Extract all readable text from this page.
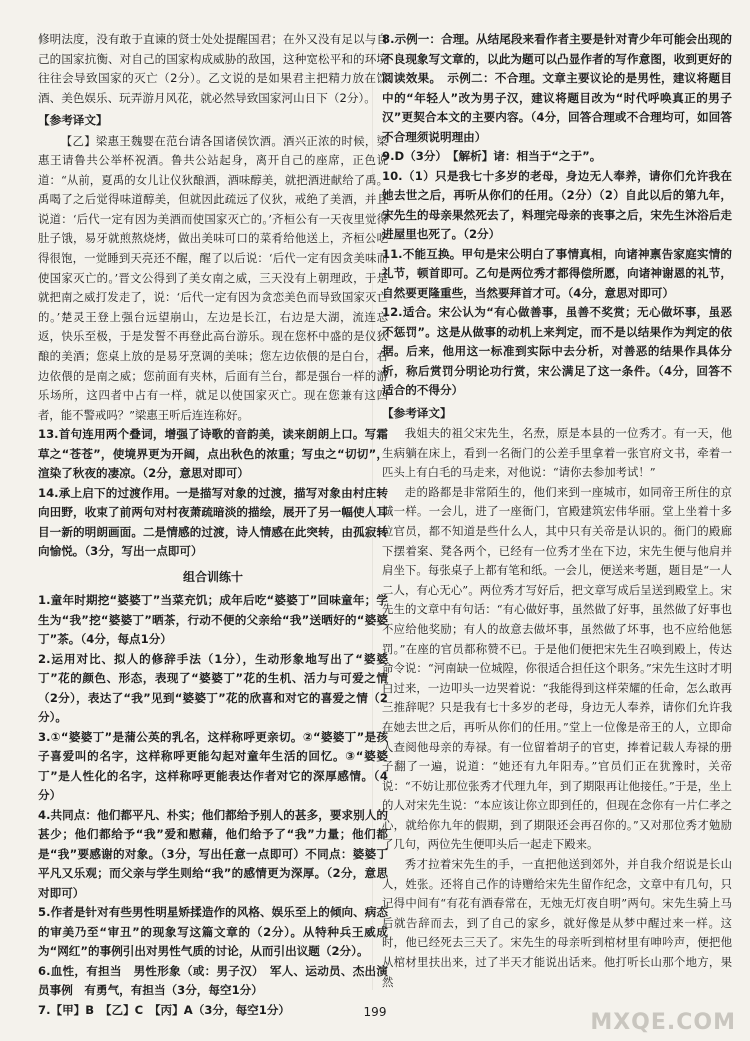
修明法度，没有敢于直谏的贤士处处提醒国君；在外又没有足以与自己的国家抗衡、对自己的国家构成威胁的敌国，这种宽松平和的环境往往会导致国家的灭亡（2分）。乙文说的是如果君主把精力放在饮酒、美色娱乐、玩弄游月风花，就必然导致国家河山日下（2分）。

【参考译文】

【乙】梁惠王魏婴在范台请各国诸侯饮酒。酒兴正浓的时候，梁惠王请鲁共公举杯祝酒。鲁共公站起身，离开自己的座席，正色说道：“从前，夏禹的女儿让仪狄酿酒，酒味醇美，就把酒进献给了禹。禹喝了之后觉得味道醇美，但就因此疏远了仪狄，戒绝了美酒，并且说道：‘后代一定有因为美酒而使国家灭亡的。’齐桓公有一天夜里觉得肚子饿，易牙就煎熬烧烤，做出美味可口的菜肴给他送上，齐桓公吃得很饱，一觉睡到天亮还不醒，醒了以后说：‘后代一定有因贪美味而使国家灭亡的。’晋文公得到了美女南之威，三天没有上朝理政，于是就把南之威打发走了，说：‘后代一定有因为贪恋美色而导致国家灭亡的。’楚灵王登上强台远望崩山，左边是长江，右边是大湖，流连忘返，快乐至极，于是发誓不再登此高台游乐。现在您杯中盛的是仪狄酿的美酒；您桌上放的是易牙烹调的美味；您左边依偎的是白台，右边依偎的是南之威；您前面有夹林，后面有兰台，都是强台一样的游乐场所，这四者中占有一样，就足以使国家灭亡。现在您兼有这四者，能不警戒吗？”梁惠王听后连连称好。

13.首句连用两个叠词，增强了诗歌的音韵美，读来朗朗上口。写霜草之“苍苍”，使境界更为开阔，点出秋色的浓重；写虫之“切切”，渲染了秋夜的凄凉。（2分，意思对即可）

14.承上启下的过渡作用。一是描写对象的过渡，描写对象由村庄转向田野，收束了前两句对村夜萧疏暗淡的描绘，展开了另一幅使人耳目一新的明朗画面。二是情感的过渡，诗人情感在此突转，由孤寂转向愉悦。（3分，写出一点即可）

组合训练十

1.童年时期挖“婆婆丁”当菜充饥；成年后吃“婆婆丁”回味童年；学生为“我”挖“婆婆丁”晒茶，行动不便的父亲给“我”送晒好的“婆婆丁”茶。（4分，每点1分）

2.运用对比、拟人的修辞手法（1分），生动形象地写出了“婆婆丁”花的颜色、形态，表现了“婆婆丁”花的生机、活力与可爱之情（2分），表达了“我”见到“婆婆丁”花的欣喜和对它的喜爱之情（2分）。

3.①“婆婆丁”是蒲公英的乳名，这样称呼更亲切。②“婆婆丁”是孩子喜爱叫的名字，这样称呼更能勾起对童年生活的回忆。③“婆婆丁”是人性化的名字，这样称呼更能表达作者对它的深厚感情。（4分）

4.共同点：他们都平凡、朴实；他们都给予别人的甚多，要求别人的甚少；他们都给予“我”爱和慰藉，他们给予了“我”力量；他们都是“我”要感谢的对象。（3分，写出任意一点即可）不同点：婆婆丁平凡又乐观；而父亲与学生则给“我”的感情更为深厚。（2分，意思对即可）

5.作者是针对有些男性明星矫揉造作的风格、娱乐至上的倾向、病态的审美乃至“审丑”的现象写这篇文章的（2分）。从特种兵王威成为“网红”的事例引出对男性气质的讨论，从而引出议题（2分）。

6.血性，有担当　男性形象（或：男子汉）　军人、运动员、杰出演员事例　有勇气，有担当（3分，每空1分）

7.【甲】B　【乙】C　【丙】A（3分，每空1分）

8.示例一：合理。从结尾段来看作者主要是针对青少年可能会出现的不良现象写文章的，以此为题可以凸显作者的写作意图，收到更好的阅读效果。　示例二：不合理。文章主要议论的是男性，建议将题目中的“年轻人”改为男子汉，建议将题目改为“时代呼唤真正的男子汉”更契合本文的主要内容。（4分，回答合理或不合理均可，如回答不合理须说明理由）

9.D（3分）　【解析】诸：相当于“之于”。

10.（1）只是我七十多岁的老母，身边无人奉养，请你们允许我在她去世之后，再听从你们的任用。（2分）（2）自此以后的第九年，宋先生的母亲果然死去了，料理完母亲的丧事之后，宋先生沐浴后走进屋里也死了。（2分）

11.不能互换。甲句是宋公明白了事情真相，向诸神禀告家庭实情的礼节，顿首即可。乙句是两位秀才都得偿所愿，向诸神谢恩的礼节，自然要更隆重些，当然要拜首才可。（4分，意思对即可）

12.适合。宋公认为“有心做善事，虽善不奖赏；无心做坏事，虽恶不惩罚”。这是从做事的动机上来判定，而不是以结果作为判定的依据。后来，他用这一标准到实际中去分析，对善恶的结果作具体分析，称后赏罚分明论功行赏，宋公满足了这一条件。（4分，回答不适合的不得分）

【参考译文】

我姐夫的祖父宋先生，名焘，原是本县的一位秀才。有一天，他生病躺在床上，看到一名衙门的公差手里拿着一张官府文书，牵着一匹头上有白毛的马走来，对他说：“请你去参加考试！”

走的路都是非常陌生的，他们来到一座城市，如同帝王所住的京城一样。一会儿，进了一座衙门，官殿建筑宏伟华丽。堂上坐着十多位官员，都不知道是些什么人，其中只有关帝是认识的。衙门的殿廊下摆着案、凳各两个，已经有一位秀才坐在下边，宋先生便与他肩并肩坐下。每张桌子上都有笔和纸。一会儿，便送来考题，题目是“一人二人，有心无心”。两位秀才写好后，把文章写成后呈送到殿堂上。宋先生的文章中有句话：“有心做好事，虽然做了好事，虽然做了好事也不应给他奖励；有人的故意去做坏事，虽然做了坏事，也不应给他惩罚。”在座的官员都称赞不已。于是他们便把宋先生召唤到殿上，传达命令说：“河南缺一位城隍，你很适合担任这个职务。”宋先生这时才明白过来，一边叩头一边哭着说：“我能得到这样荣耀的任命，怎么敢再三推辞呢？只是我有七十多岁的老母，身边无人奉养，请你们允许我在她去世之后，再听从你们的任用。”堂上一位像是帝王的人，立即命人查阅他母亲的寿禄。有一位留着胡子的官吏，捧着记载人寿禄的册子翻了一遍，说道：“她还有九年阳寿。”官员们正在犹豫时，关帝说：“不妨让那位张秀才代理九年，到了期限再让他接任。”于是，坐上的人对宋先生说：“本应该让你立即到任的，但现在念你有一片仁孝之心，就给你九年的假期，到了期限还会再召你的。”又对那位秀才勉励了几句，两位先生便叩头后一起走下殿来。

秀才拉着宋先生的手，一直把他送到郊外，并自我介绍说是长山人，姓张。还将自己作的诗赠给宋先生留作纪念，文章中有几句，只记得中间有“有花有酒春常在，无烛无灯夜自明”两句。宋先生骑上马后就告辞而去，到了自己的家乡，就好像是从梦中醒过来一样。这时，他已经死去三天了。宋先生的母亲听到棺材里有呻吟声，便把他从棺材里扶出来，过了半天才能说出话来。他打听长山那个地方，果然

199	MXQE.COM
